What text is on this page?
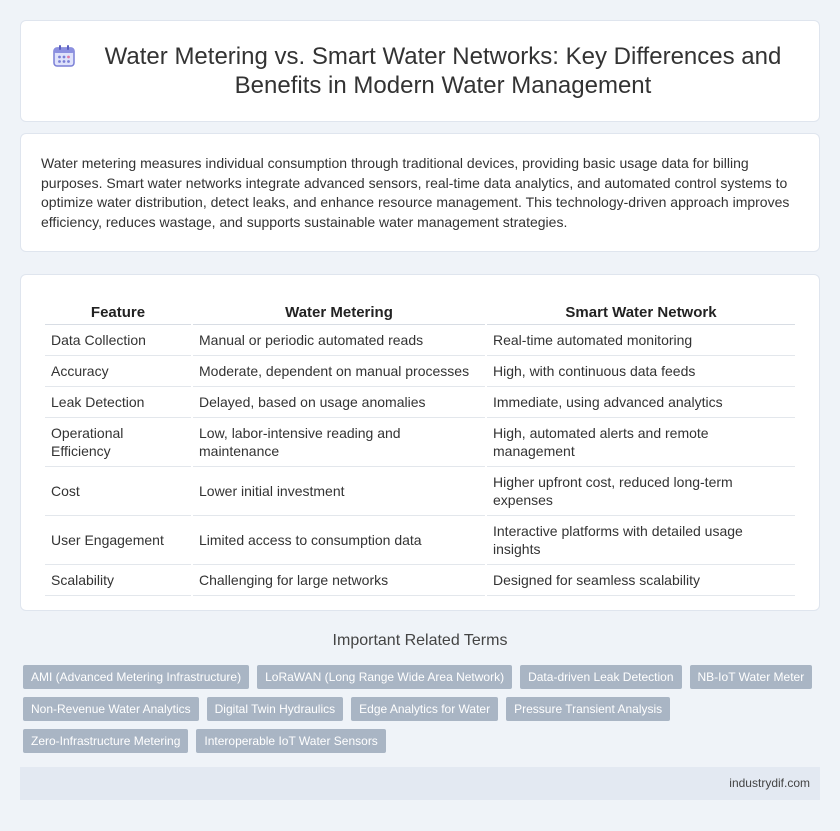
Water Metering vs. Smart Water Networks: Key Differences and Benefits in Modern Water Management

Water metering measures individual consumption through traditional devices, providing basic usage data for billing purposes. Smart water networks integrate advanced sensors, real-time data analytics, and automated control systems to optimize water distribution, detect leaks, and enhance resource management. This technology-driven approach improves efficiency, reduces wastage, and supports sustainable water management strategies.

Feature	Water Metering	Smart Water Network
Data Collection	Manual or periodic automated reads	Real-time automated monitoring
Accuracy	Moderate, dependent on manual processes	High, with continuous data feeds
Leak Detection	Delayed, based on usage anomalies	Immediate, using advanced analytics
Operational Efficiency	Low, labor-intensive reading and maintenance	High, automated alerts and remote management
Cost	Lower initial investment	Higher upfront cost, reduced long-term expenses
User Engagement	Limited access to consumption data	Interactive platforms with detailed usage insights
Scalability	Challenging for large networks	Designed for seamless scalability
Important Related Terms
AMI (Advanced Metering Infrastructure)	LoRaWAN (Long Range Wide Area Network)	Data-driven Leak Detection	NB-IoT Water Meter
Non-Revenue Water Analytics	Digital Twin Hydraulics	Edge Analytics for Water	Pressure Transient Analysis
Zero-Infrastructure Metering	Interoperable IoT Water Sensors
industrydif.com
